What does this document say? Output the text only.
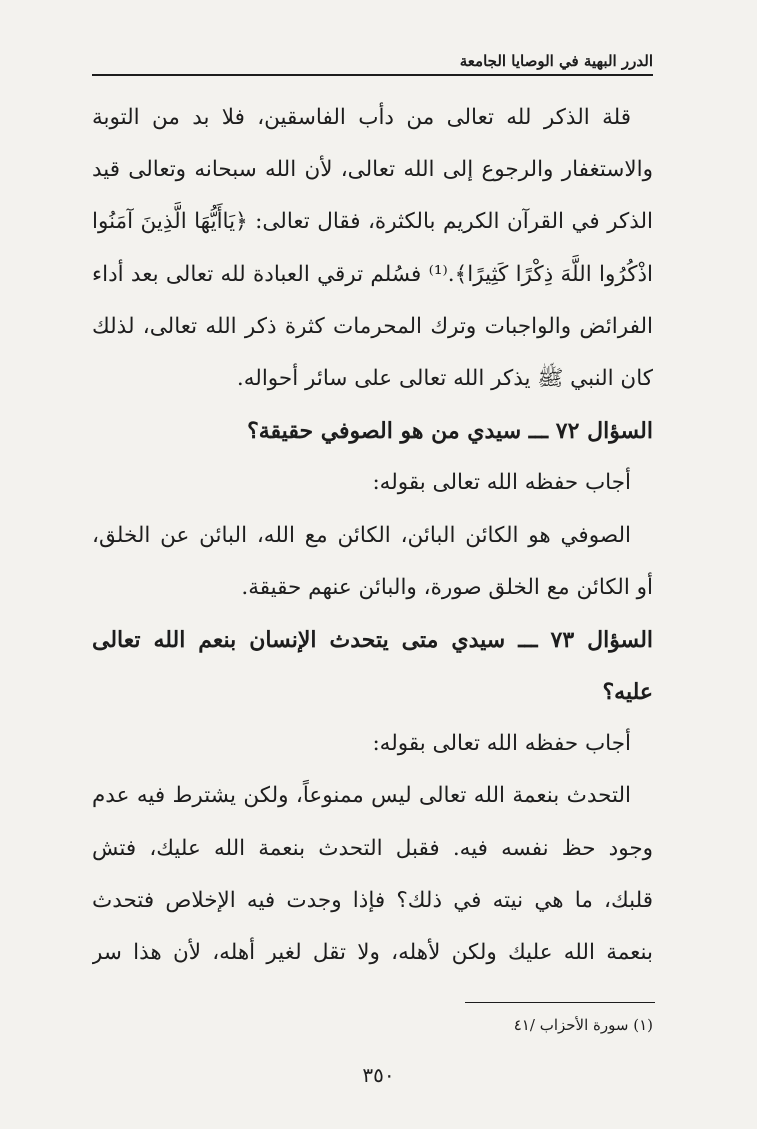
الدرر البهية في الوصايا الجامعة
قلة الذكر لله تعالى من دأب الفاسقين، فلا بد من التوبة
والاستغفار والرجوع إلى الله تعالى، لأن الله سبحانه وتعالى قيد
الذكر في القرآن الكريم بالكثرة، فقال تعالى: ﴿يَاأَيُّهَا الَّذِينَ آمَنُوا
اذْكُرُوا اللَّهَ ذِكْرًا كَثِيرًا﴾.⁽¹⁾ فسُلم ترقي العبادة لله تعالى بعد أداء
الفرائض والواجبات وترك المحرمات كثرة ذكر الله تعالى، لذلك
كان النبي ﷺ يذكر الله تعالى على سائر أحواله.
السؤال ٧٢ ـــ سيدي من هو الصوفي حقيقة؟
أجاب حفظه الله تعالى بقوله:
الصوفي هو الكائن البائن، الكائن مع الله، البائن عن الخلق،
أو الكائن مع الخلق صورة، والبائن عنهم حقيقة.
السؤال ٧٣ ـــ سيدي متى يتحدث الإنسان بنعم الله تعالى
عليه؟
أجاب حفظه الله تعالى بقوله:
التحدث بنعمة الله تعالى ليس ممنوعاً، ولكن يشترط فيه عدم
وجود حظ نفسه فيه. فقبل التحدث بنعمة الله عليك، فتش
قلبك، ما هي نيته في ذلك؟ فإذا وجدت فيه الإخلاص فتحدث
بنعمة الله عليك ولكن لأهله، ولا تقل لغير أهله، لأن هذا سر
(١) سورة الأحزاب /٤١
٣٥٠
